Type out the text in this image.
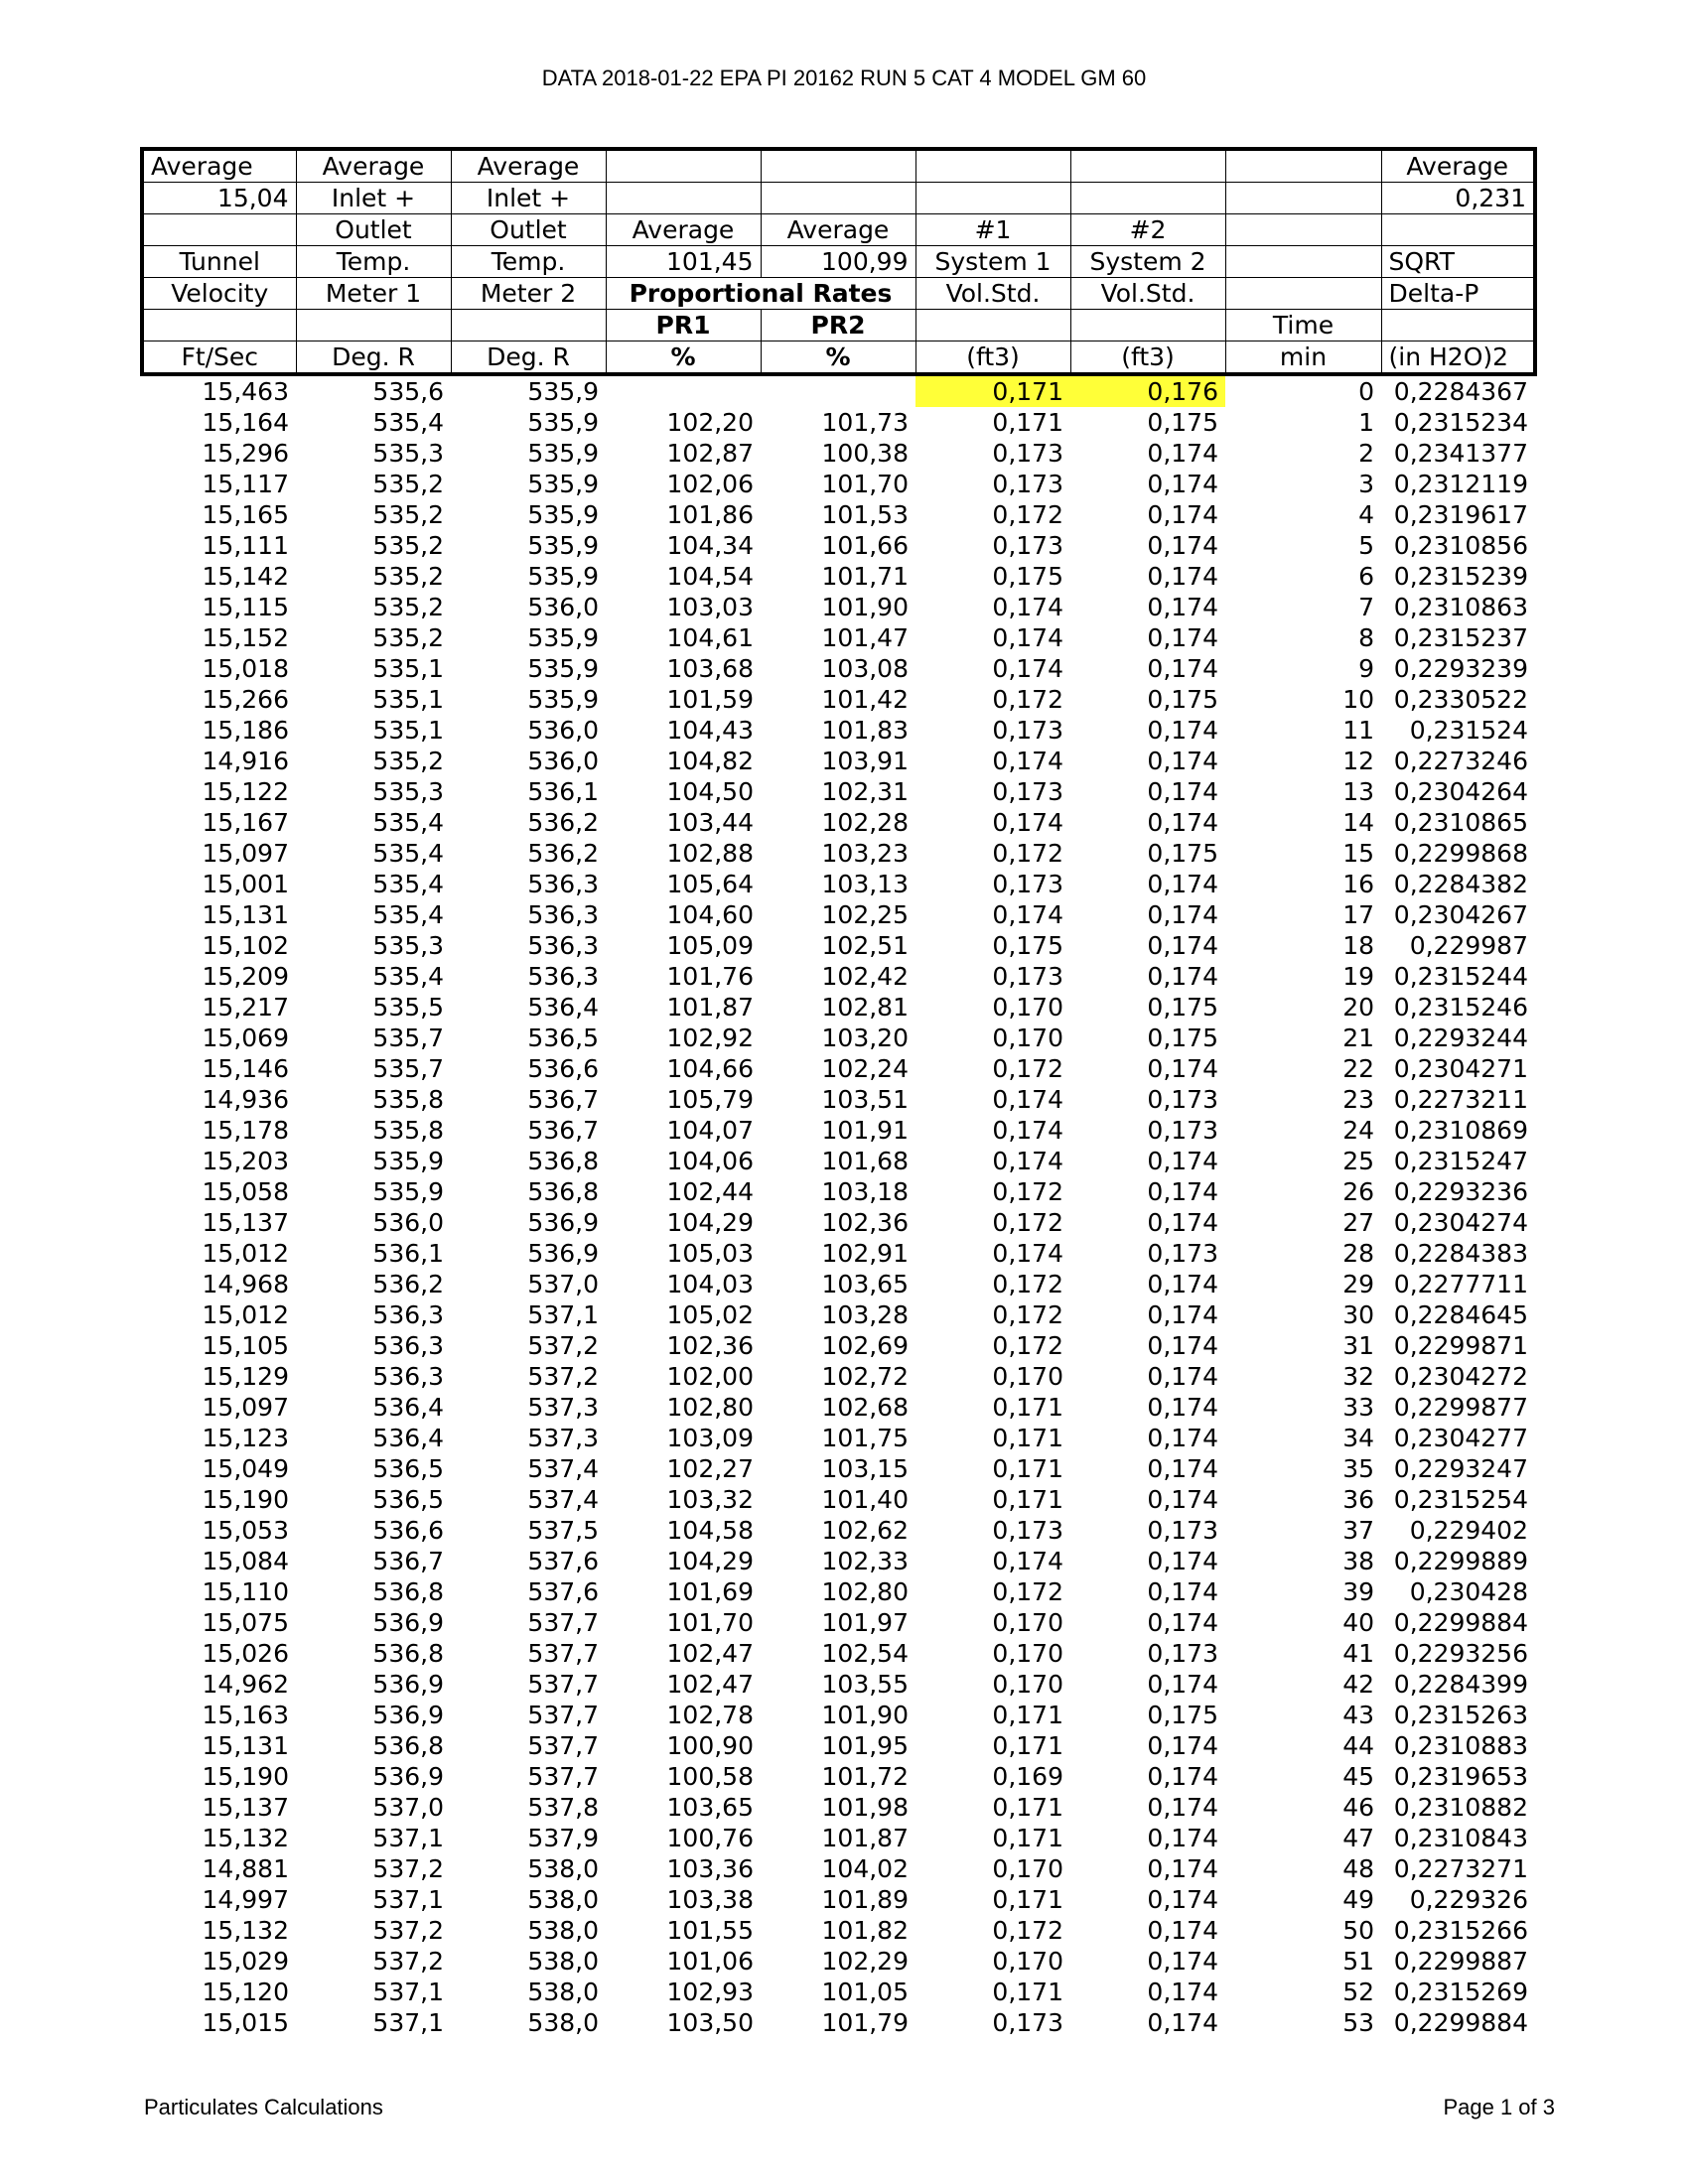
DATA 2018-01-22 EPA PI 20162 RUN 5 CAT 4 MODEL GM 60
Average	Average	Average						Average
15,04	Inlet +	Inlet +						0,231
	Outlet	Outlet	Average	Average	#1	#2		
Tunnel	Temp.	Temp.	101,45	100,99	System 1	System 2		SQRT
Velocity	Meter 1	Meter 2	Proportional Rates		Vol.Std.	Vol.Std.		Delta-P
			PR1	PR2			Time	
Ft/Sec	Deg. R	Deg. R	%	%	(ft3)	(ft3)	min	(in H2O)2
15,463	535,6	535,9			0,171	0,176	0	0,2284367
15,164	535,4	535,9	102,20	101,73	0,171	0,175	1	0,2315234
15,296	535,3	535,9	102,87	100,38	0,173	0,174	2	0,2341377
15,117	535,2	535,9	102,06	101,70	0,173	0,174	3	0,2312119
15,165	535,2	535,9	101,86	101,53	0,172	0,174	4	0,2319617
15,111	535,2	535,9	104,34	101,66	0,173	0,174	5	0,2310856
15,142	535,2	535,9	104,54	101,71	0,175	0,174	6	0,2315239
15,115	535,2	536,0	103,03	101,90	0,174	0,174	7	0,2310863
15,152	535,2	535,9	104,61	101,47	0,174	0,174	8	0,2315237
15,018	535,1	535,9	103,68	103,08	0,174	0,174	9	0,2293239
15,266	535,1	535,9	101,59	101,42	0,172	0,175	10	0,2330522
15,186	535,1	536,0	104,43	101,83	0,173	0,174	11	0,231524
14,916	535,2	536,0	104,82	103,91	0,174	0,174	12	0,2273246
15,122	535,3	536,1	104,50	102,31	0,173	0,174	13	0,2304264
15,167	535,4	536,2	103,44	102,28	0,174	0,174	14	0,2310865
15,097	535,4	536,2	102,88	103,23	0,172	0,175	15	0,2299868
15,001	535,4	536,3	105,64	103,13	0,173	0,174	16	0,2284382
15,131	535,4	536,3	104,60	102,25	0,174	0,174	17	0,2304267
15,102	535,3	536,3	105,09	102,51	0,175	0,174	18	0,229987
15,209	535,4	536,3	101,76	102,42	0,173	0,174	19	0,2315244
15,217	535,5	536,4	101,87	102,81	0,170	0,175	20	0,2315246
15,069	535,7	536,5	102,92	103,20	0,170	0,175	21	0,2293244
15,146	535,7	536,6	104,66	102,24	0,172	0,174	22	0,2304271
14,936	535,8	536,7	105,79	103,51	0,174	0,173	23	0,2273211
15,178	535,8	536,7	104,07	101,91	0,174	0,173	24	0,2310869
15,203	535,9	536,8	104,06	101,68	0,174	0,174	25	0,2315247
15,058	535,9	536,8	102,44	103,18	0,172	0,174	26	0,2293236
15,137	536,0	536,9	104,29	102,36	0,172	0,174	27	0,2304274
15,012	536,1	536,9	105,03	102,91	0,174	0,173	28	0,2284383
14,968	536,2	537,0	104,03	103,65	0,172	0,174	29	0,2277711
15,012	536,3	537,1	105,02	103,28	0,172	0,174	30	0,2284645
15,105	536,3	537,2	102,36	102,69	0,172	0,174	31	0,2299871
15,129	536,3	537,2	102,00	102,72	0,170	0,174	32	0,2304272
15,097	536,4	537,3	102,80	102,68	0,171	0,174	33	0,2299877
15,123	536,4	537,3	103,09	101,75	0,171	0,174	34	0,2304277
15,049	536,5	537,4	102,27	103,15	0,171	0,174	35	0,2293247
15,190	536,5	537,4	103,32	101,40	0,171	0,174	36	0,2315254
15,053	536,6	537,5	104,58	102,62	0,173	0,173	37	0,229402
15,084	536,7	537,6	104,29	102,33	0,174	0,174	38	0,2299889
15,110	536,8	537,6	101,69	102,80	0,172	0,174	39	0,230428
15,075	536,9	537,7	101,70	101,97	0,170	0,174	40	0,2299884
15,026	536,8	537,7	102,47	102,54	0,170	0,173	41	0,2293256
14,962	536,9	537,7	102,47	103,55	0,170	0,174	42	0,2284399
15,163	536,9	537,7	102,78	101,90	0,171	0,175	43	0,2315263
15,131	536,8	537,7	100,90	101,95	0,171	0,174	44	0,2310883
15,190	536,9	537,7	100,58	101,72	0,169	0,174	45	0,2319653
15,137	537,0	537,8	103,65	101,98	0,171	0,174	46	0,2310882
15,132	537,1	537,9	100,76	101,87	0,171	0,174	47	0,2310843
14,881	537,2	538,0	103,36	104,02	0,170	0,174	48	0,2273271
14,997	537,1	538,0	103,38	101,89	0,171	0,174	49	0,229326
15,132	537,2	538,0	101,55	101,82	0,172	0,174	50	0,2315266
15,029	537,2	538,0	101,06	102,29	0,170	0,174	51	0,2299887
15,120	537,1	538,0	102,93	101,05	0,171	0,174	52	0,2315269
15,015	537,1	538,0	103,50	101,79	0,173	0,174	53	0,2299884
Particulates Calculations	Page 1 of 3
